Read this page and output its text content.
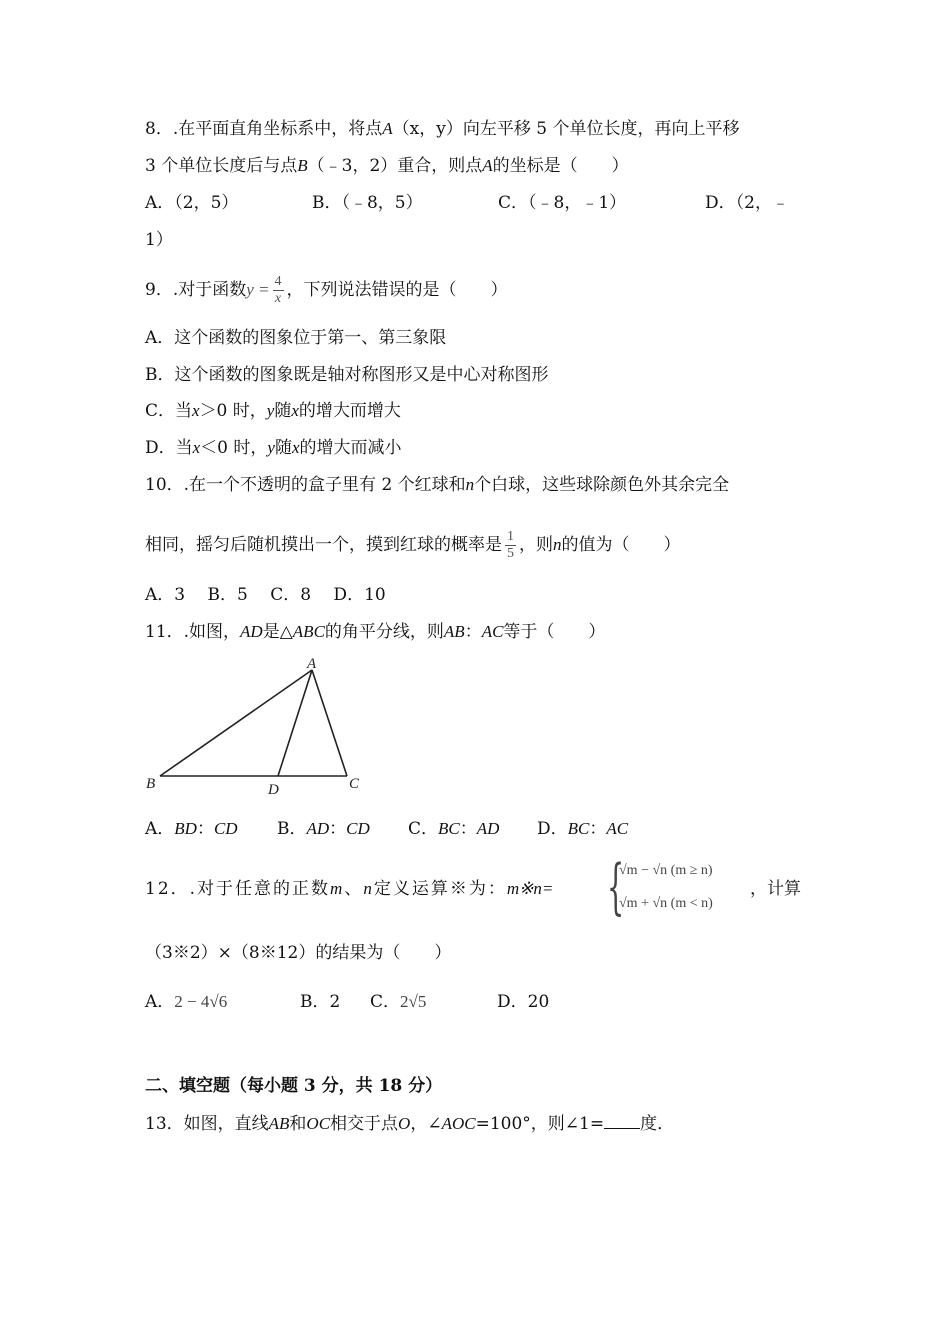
8．.在平面直角坐标系中，将点A（x，y）向左平移 5 个单位长度，再向上平移
3 个单位长度后与点B（﹣3，2）重合，则点A的坐标是（　　）
A．（2，5）	B．（﹣8，5）	C．（﹣8，﹣1）	D．（2，﹣
1）
9．.对于函数$y = \frac{4}{x}$ ，下列说法错误的是（　　）
A．这个函数的图象位于第一、第三象限
B．这个函数的图象既是轴对称图形又是中心对称图形
C．当x＞0 时，y随x的增大而增大
D．当x＜0 时，y随x的增大而减小
10．.在一个不透明的盒子里有 2 个红球和n个白球，这些球除颜色外其余完全
相同，摇匀后随机摸出一个，摸到红球的概率是 $\frac{1}{5}$ ，则n的值为（　　）
A．3　 B．5　 C．8　 D．10
11．.如图，AD是△ABC的角平分线，则AB：AC等于（　　）
A
B	C
D
A．BD：CD B．AD：CD C．BC：AD D．BC：AC
12．.对于任意的正数m、n定义运算※为：m※n= {
√m − √n (m ≥ n)
√m + √n (m < n)
，计算
（3※2）×（8※12）的结果为（　　）
A．2 − 4√6	B．2 C．2√5	D．20
二、填空题（每小题 3 分，共 18 分）
13．如图，直线AB和OC相交于点O，∠AOC=100°，则∠1= 度．
